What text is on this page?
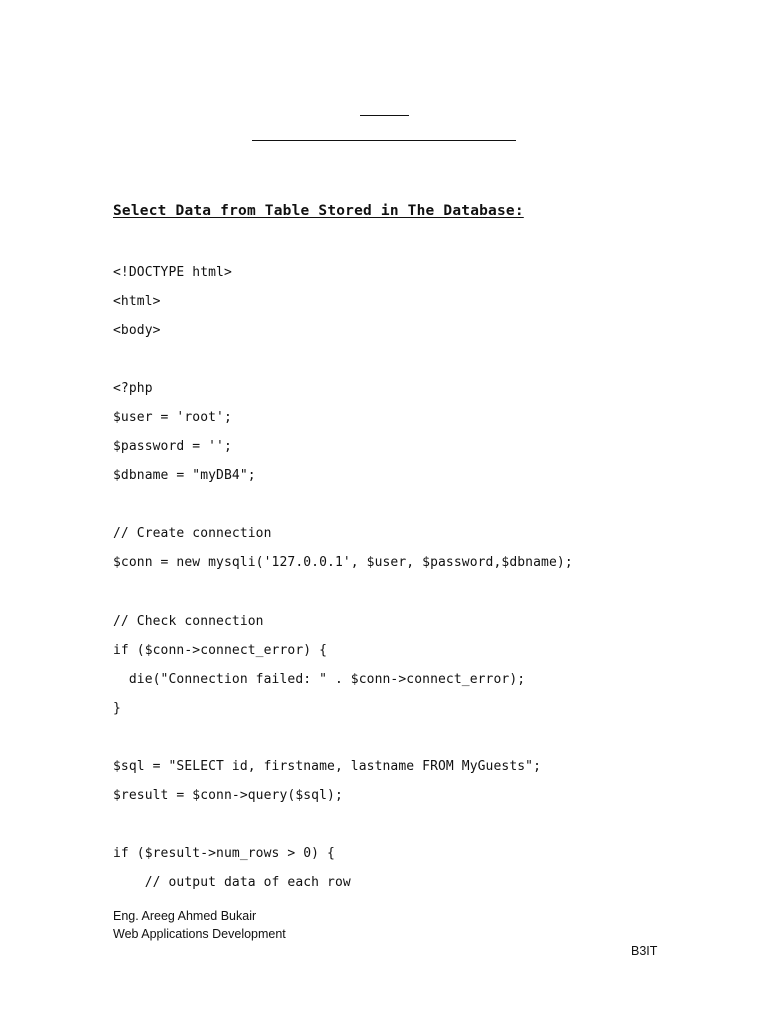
Select Data from Table Stored in The Database:
<!DOCTYPE html>
<html>
<body>
<?php
$user = 'root';
$password = '';
$dbname = "myDB4";
// Create connection
$conn = new mysqli('127.0.0.1', $user, $password,$dbname);
// Check connection
if ($conn->connect_error) {
die("Connection failed: " . $conn->connect_error);
}
$sql = "SELECT id, firstname, lastname FROM MyGuests";
$result = $conn->query($sql);
if ($result->num_rows > 0) {
// output data of each row
Eng. Areeg Ahmed Bukair
Web Applications Development
B3IT
